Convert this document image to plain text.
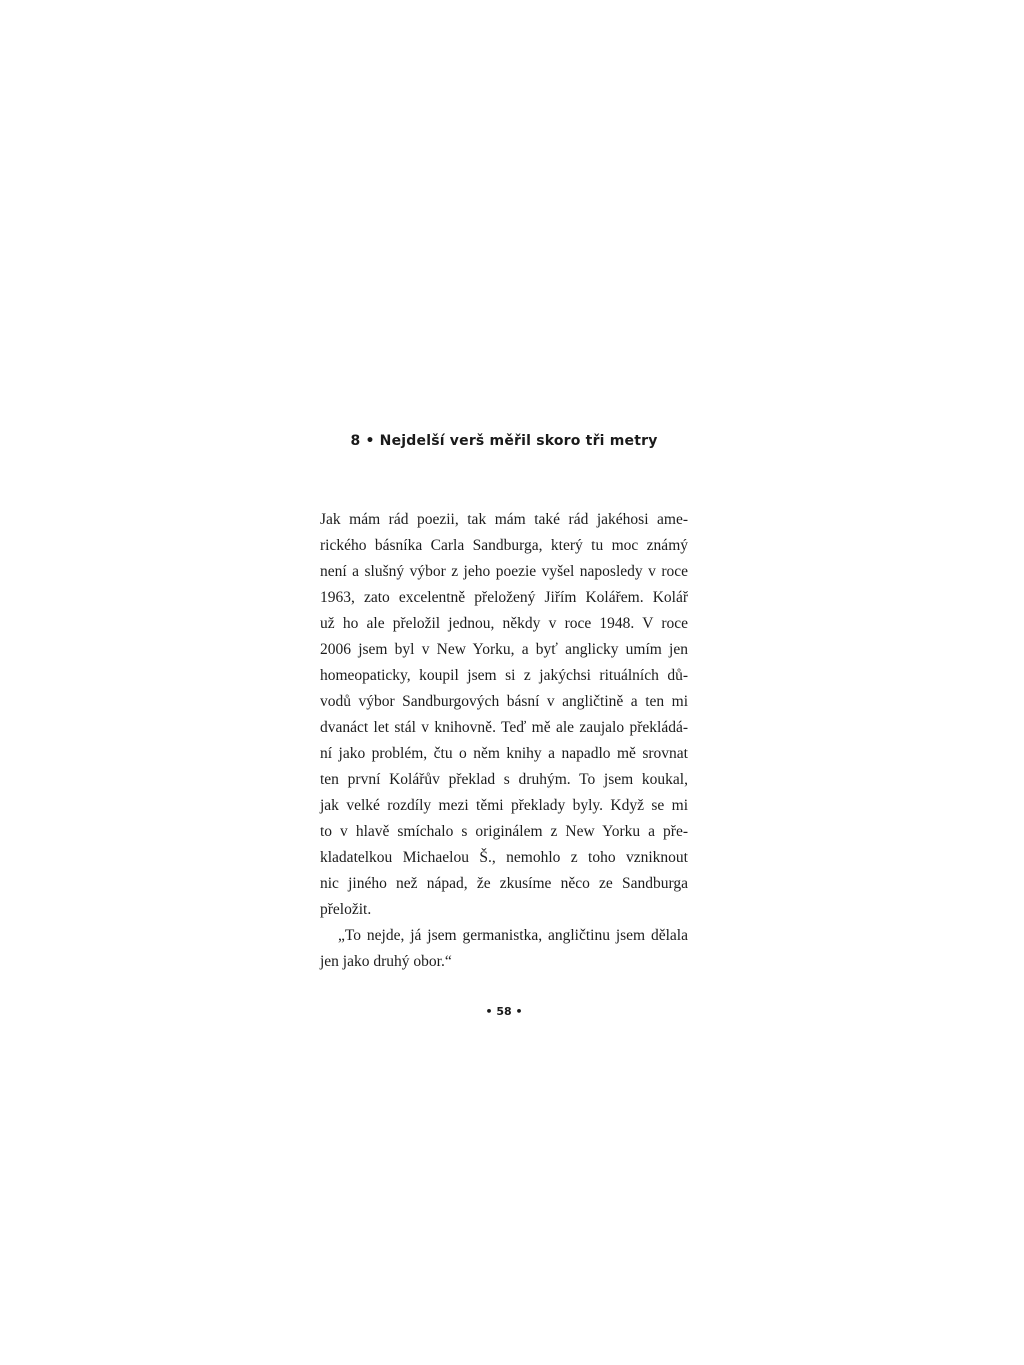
8 • Nejdelší verš měřil skoro tři metry
Jak mám rád poezii, tak mám také rád jakéhosi ame-
rického básníka Carla Sandburga, který tu moc známý
není a slušný výbor z jeho poezie vyšel naposledy v roce
1963, zato excelentně přeložený Jiřím Kolářem. Kolář
už ho ale přeložil jednou, někdy v roce 1948. V roce
2006 jsem byl v New Yorku, a byť anglicky umím jen
homeopaticky, koupil jsem si z jakýchsi rituálních dů-
vodů výbor Sandburgových básní v angličtině a ten mi
dvanáct let stál v knihovně. Teď mě ale zaujalo překládá-
ní jako problém, čtu o něm knihy a napadlo mě srovnat
ten první Kolářův překlad s druhým. To jsem koukal,
jak velké rozdíly mezi těmi překlady byly. Když se mi
to v hlavě smíchalo s originálem z New Yorku a pře-
kladatelkou Michaelou Š., nemohlo z toho vzniknout
nic jiného než nápad, že zkusíme něco ze Sandburga
přeložit.
„To nejde, já jsem germanistka, angličtinu jsem dělala
jen jako druhý obor.“
• 58 •
